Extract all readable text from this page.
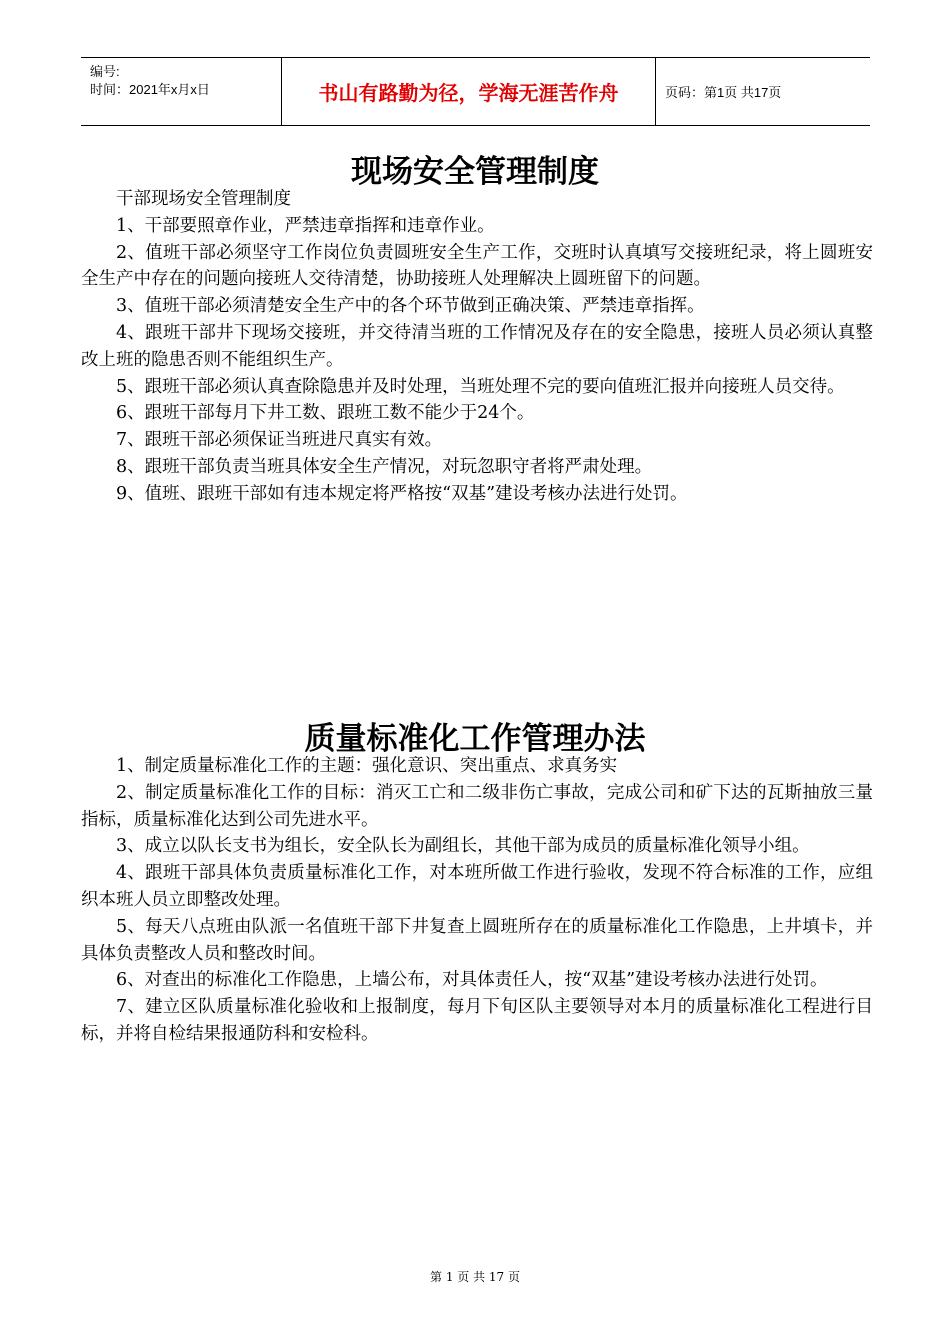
编号:
时间：2021年x月x日	书山有路勤为径，学海无涯苦作舟	页码：第1页 共17页
现场安全管理制度

干部现场安全管理制度

1、干部要照章作业，严禁违章指挥和违章作业。

2、值班干部必须坚守工作岗位负责圆班安全生产工作，交班时认真填写交接班纪录，将上圆班安全生产中存在的问题向接班人交待清楚，协助接班人处理解决上圆班留下的问题。

3、值班干部必须清楚安全生产中的各个环节做到正确决策、严禁违章指挥。

4、跟班干部井下现场交接班，并交待清当班的工作情况及存在的安全隐患，接班人员必须认真整改上班的隐患否则不能组织生产。

5、跟班干部必须认真查除隐患并及时处理，当班处理不完的要向值班汇报并向接班人员交待。

6、跟班干部每月下井工数、跟班工数不能少于24个。

7、跟班干部必须保证当班进尺真实有效。

8、跟班干部负责当班具体安全生产情况，对玩忽职守者将严肃处理。

9、值班、跟班干部如有违本规定将严格按“双基”建设考核办法进行处罚。

质量标准化工作管理办法

1、制定质量标准化工作的主题：强化意识、突出重点、求真务实

2、制定质量标准化工作的目标：消灭工亡和二级非伤亡事故，完成公司和矿下达的瓦斯抽放三量指标，质量标准化达到公司先进水平。

3、成立以队长支书为组长，安全队长为副组长，其他干部为成员的质量标准化领导小组。

4、跟班干部具体负责质量标准化工作，对本班所做工作进行验收，发现不符合标准的工作，应组织本班人员立即整改处理。

5、每天八点班由队派一名值班干部下井复查上圆班所存在的质量标准化工作隐患，上井填卡，并具体负责整改人员和整改时间。

6、对查出的标准化工作隐患，上墙公布，对具体责任人，按“双基”建设考核办法进行处罚。

7、建立区队质量标准化验收和上报制度，每月下旬区队主要领导对本月的质量标准化工程进行目标，并将自检结果报通防科和安检科。

第 1 页 共 17 页
